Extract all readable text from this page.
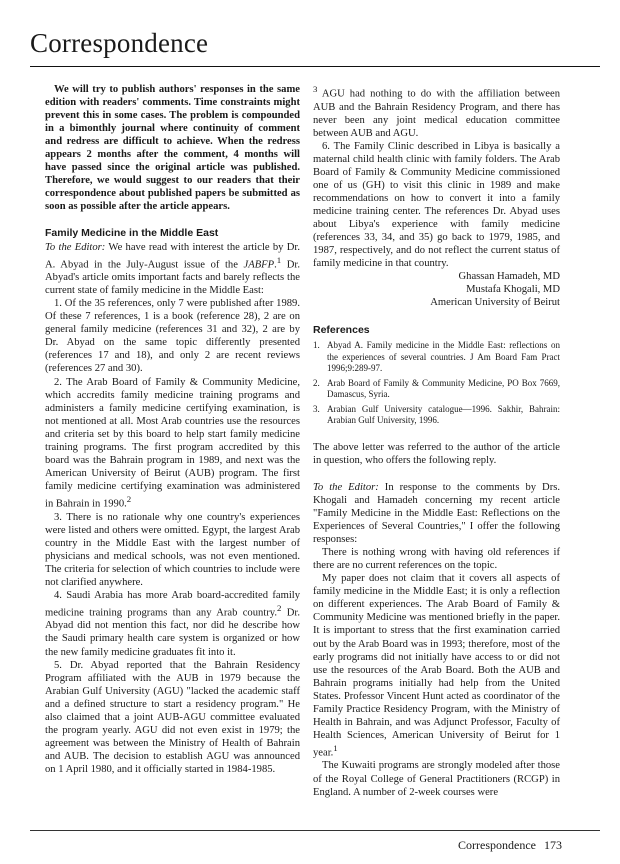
Correspondence

We will try to publish authors' responses in the same edition with readers' comments. Time constraints might prevent this in some cases. The problem is compounded in a bimonthly journal where continuity of comment and redress are difficult to achieve. When the redress appears 2 months after the comment, 4 months will have passed since the original article was published. Therefore, we would suggest to our readers that their correspondence about published papers be submitted as soon as possible after the article appears.

Family Medicine in the Middle East

To the Editor: We have read with interest the article by Dr. A. Abyad in the July-August issue of the JABFP.$^1$ Dr. Abyad's article omits important facts and barely reflects the current state of family medicine in the Middle East:

1. Of the 35 references, only 7 were published after 1989. Of these 7 references, 1 is a book (reference 28), 2 are on general family medicine (references 31 and 32), 2 are by Dr. Abyad on the same topic differently presented (references 17 and 18), and only 2 are recent reviews (references 27 and 30).

2. The Arab Board of Family & Community Medicine, which accredits family medicine training programs and administers a family medicine certifying examination, is not mentioned at all. Most Arab countries use the resources and criteria set by this board to help start family medicine training programs. The first program accredited by this board was the Bahrain program in 1989, and next was the American University of Beirut (AUB) program. The first family medicine certifying examination was administered in Bahrain in 1990.$^2$

3. There is no rationale why one country's experiences were listed and others were omitted. Egypt, the largest Arab country in the Middle East with the largest number of physicians and medical schools, was not even mentioned. The criteria for selection of which countries to include were not clarified anywhere.

4. Saudi Arabia has more Arab board-accredited family medicine training programs than any Arab country.$^2$ Dr. Abyad did not mention this fact, nor did he describe how the Saudi primary health care system is organized or how the new family medicine graduates fit into it.

5. Dr. Abyad reported that the Bahrain Residency Program affiliated with the AUB in 1979 because the Arabian Gulf University (AGU) "lacked the academic staff and a defined structure to start a residency program." He also claimed that a joint AUB-AGU committee evaluated the program yearly. AGU did not even exist in 1979; the agreement was between the Ministry of Health of Bahrain and AUB. The decision to establish AGU was announced on 1 April 1980, and it officially started in 1984-1985.

$^3$ AGU had nothing to do with the affiliation between AUB and the Bahrain Residency Program, and there has never been any joint medical education committee between AUB and AGU.

6. The Family Clinic described in Libya is basically a maternal child health clinic with family folders. The Arab Board of Family & Community Medicine commissioned one of us (GH) to visit this clinic in 1989 and make recommendations on how to convert it into a family medicine training center. The references Dr. Abyad uses about Libya's experience with family medicine (references 33, 34, and 35) go back to 1979, 1985, and 1987, respectively, and do not reflect the current status of family medicine in that country.

Ghassan Hamadeh, MD

Mustafa Khogali, MD

American University of Beirut

References

1. Abyad A. Family medicine in the Middle East: reflections on the experiences of several countries. J Am Board Fam Pract 1996;9:289-97.
2. Arab Board of Family & Community Medicine, PO Box 7669, Damascus, Syria.
3. Arabian Gulf University catalogue—1996. Sakhir, Bahrain: Arabian Gulf University, 1996.

The above letter was referred to the author of the article in question, who offers the following reply.

To the Editor: In response to the comments by Drs. Khogali and Hamadeh concerning my recent article "Family Medicine in the Middle East: Reflections on the Experiences of Several Countries," I offer the following responses:

There is nothing wrong with having old references if there are no current references on the topic.

My paper does not claim that it covers all aspects of family medicine in the Middle East; it is only a reflection on different experiences. The Arab Board of Family & Community Medicine was mentioned briefly in the paper. It is important to stress that the first examination carried out by the Arab Board was in 1993; therefore, most of the early programs did not initially have access to or did not use the resources of the Arab Board. Both the AUB and Bahrain programs initially had help from the United States. Professor Vincent Hunt acted as coordinator of the Family Practice Residency Program, with the Ministry of Health in Bahrain, and was Adjunct Professor, Faculty of Health Sciences, American University of Beirut for 1 year.$^1$

The Kuwaiti programs are strongly modeled after those of the Royal College of General Practitioners (RCGP) in England. A number of 2-week courses were

Correspondence 173
